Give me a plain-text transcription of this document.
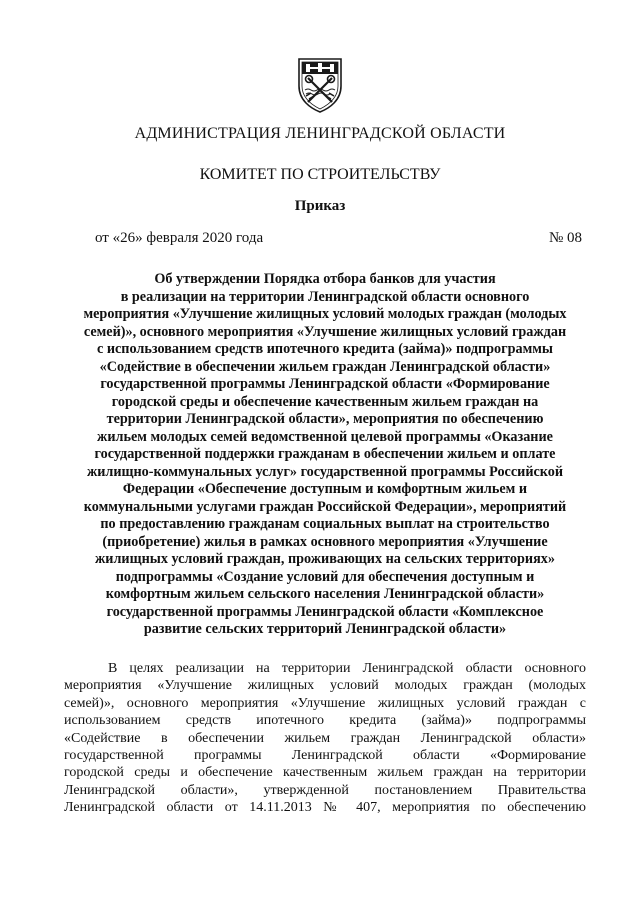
АДМИНИСТРАЦИЯ ЛЕНИНГРАДСКОЙ ОБЛАСТИ
КОМИТЕТ ПО СТРОИТЕЛЬСТВУ
Приказ
от «26» февраля 2020 года	№ 08
Об утверждении Порядка отбора банков для участия
в реализации на территории Ленинградской области основного
мероприятия «Улучшение жилищных условий молодых граждан (молодых
семей)», основного мероприятия «Улучшение жилищных условий граждан
с использованием средств ипотечного кредита (займа)» подпрограммы
«Содействие в обеспечении жильем граждан Ленинградской области»
государственной программы Ленинградской области «Формирование
городской среды и обеспечение качественным жильем граждан на
территории Ленинградской области», мероприятия по обеспечению
жильем молодых семей ведомственной целевой программы «Оказание
государственной поддержки гражданам в обеспечении жильем и оплате
жилищно-коммунальных услуг» государственной программы Российской
Федерации «Обеспечение доступным и комфортным жильем и
коммунальными услугами граждан Российской Федерации», мероприятий
по предоставлению гражданам социальных выплат на строительство
(приобретение) жилья в рамках основного мероприятия «Улучшение
жилищных условий граждан, проживающих на сельских территориях»
подпрограммы «Создание условий для обеспечения доступным и
комфортным жильем сельского населения Ленинградской области»
государственной программы Ленинградской области «Комплексное
развитие сельских территорий Ленинградской области»
В целях реализации на территории Ленинградской области основного
мероприятия «Улучшение жилищных условий молодых граждан (молодых
семей)», основного мероприятия «Улучшение жилищных условий граждан с
использованием средств ипотечного кредита (займа)» подпрограммы
«Содействие в обеспечении жильем граждан Ленинградской области»
государственной программы Ленинградской области «Формирование
городской среды и обеспечение качественным жильем граждан на территории
Ленинградской области», утвержденной постановлением Правительства
Ленинградской области от 14.11.2013 № 407, мероприятия по обеспечению
